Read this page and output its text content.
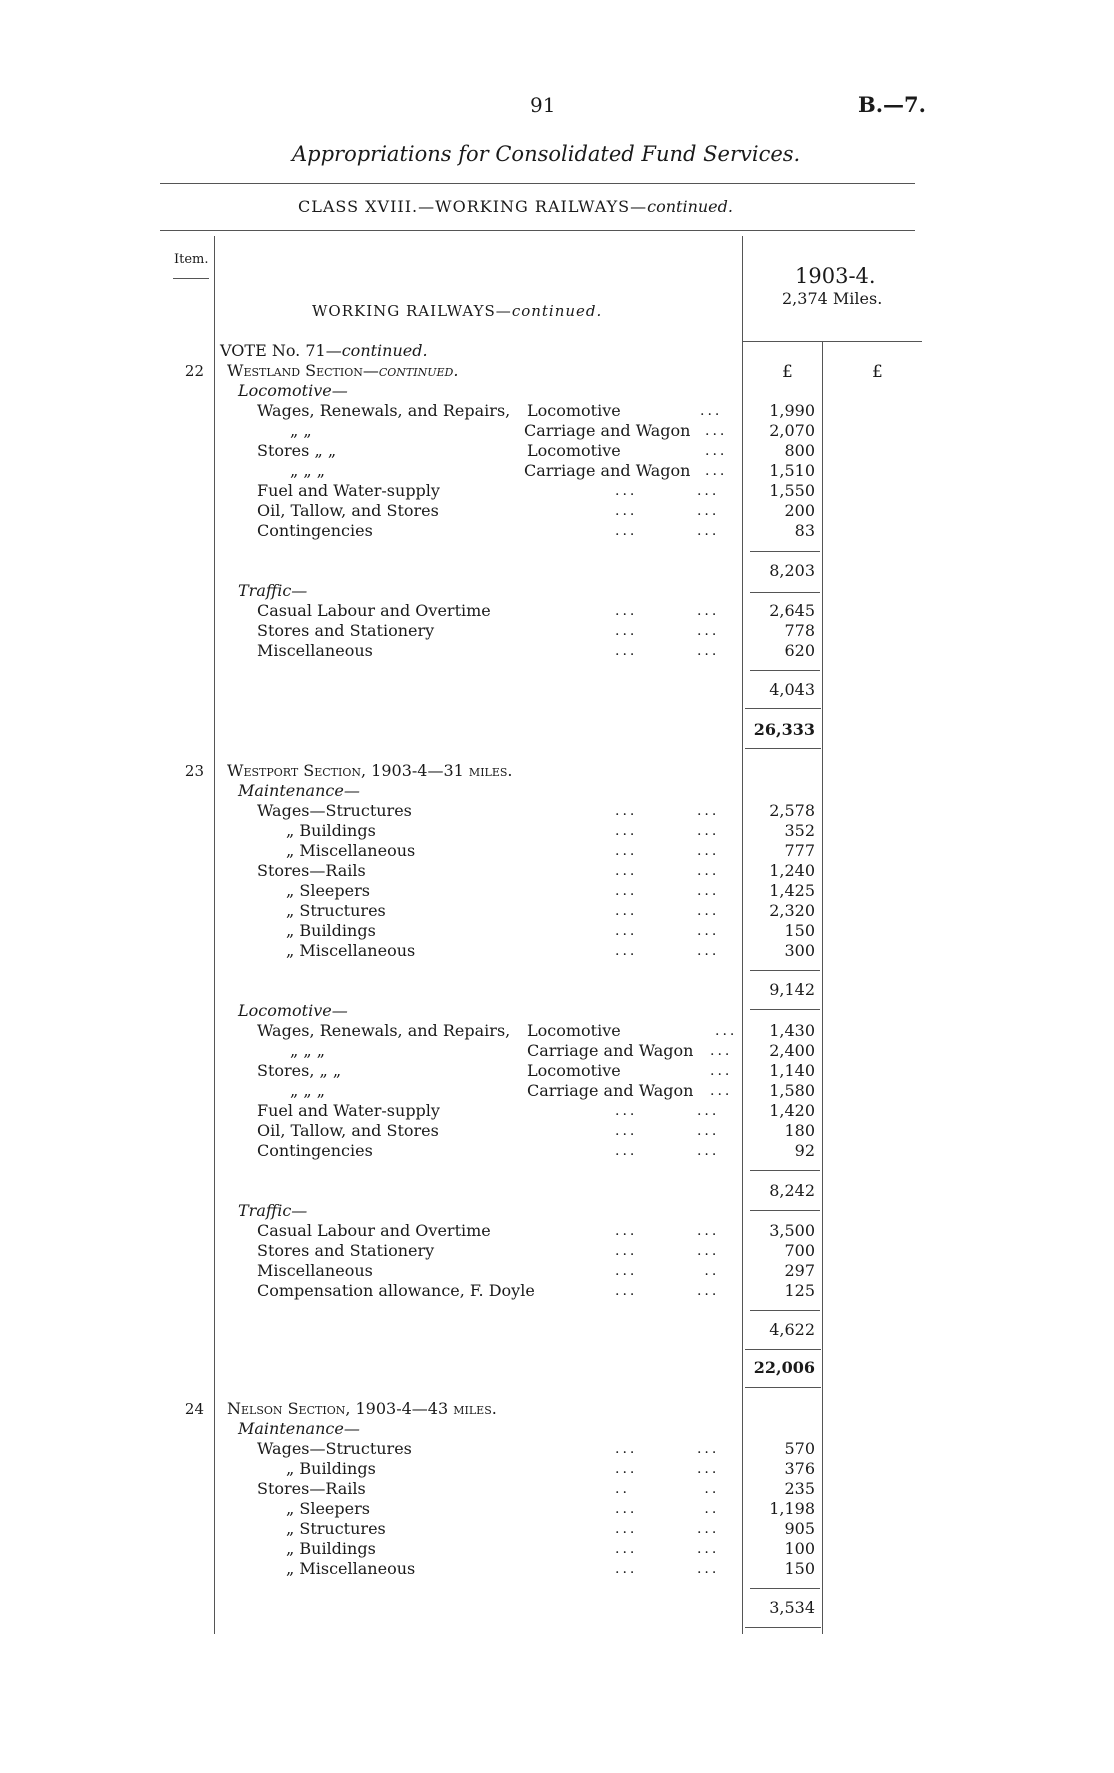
91	B.—7.
Appropriations for Consolidated Fund Services.
CLASS XVIII.—WORKING RAILWAYS—continued.
Item.
WORKING RAILWAYS—continued.
1903-4.
2,374 Miles.
£	£
VOTE No. 71—continued.
22 Westland Section—continued.
Locomotive—
Wages, Renewals, and Repairs, Locomotive	...	1,990
„ „	Carriage and Wagon ...	2,070
Stores „ „	Locomotive	...	800
„ „ „	Carriage and Wagon ...	1,510
Fuel and Water-supply	...        ...	1,550
Oil, Tallow, and Stores	...        ...	200
Contingencies	...        ...	83
8,203
Traffic—
Casual Labour and Overtime	...        ...	2,645
Stores and Stationery	...        ...	778
Miscellaneous	...        ...	620
4,043
26,333
23 Westport Section, 1903-4—31 miles.
Maintenance—
Wages—Structures	...        ...	2,578
„ Buildings	...        ...	352
„ Miscellaneous	...        ...	777
Stores—Rails	...        ...	1,240
„ Sleepers	...        ...	1,425
„ Structures	...        ...	2,320
„ Buildings	...        ...	150
„ Miscellaneous	...        ...	300
9,142
Locomotive—
Wages, Renewals, and Repairs, Locomotive	...	1,430
„ „ „	Carriage and Wagon ...	2,400
Stores, „ „	Locomotive	...	1,140
„ „ „	Carriage and Wagon ...	1,580
Fuel and Water-supply	...        ...	1,420
Oil, Tallow, and Stores	...        ...	180
Contingencies	...        ...	92
8,242
Traffic—
Casual Labour and Overtime	...        ...	3,500
Stores and Stationery	...        ...	700
Miscellaneous	...         ..	297
Compensation allowance, F. Doyle	...        ...	125
4,622
22,006
24 Nelson Section, 1903-4—43 miles.
Maintenance—
Wages—Structures	...        ...	570
„ Buildings	...        ...	376
Stores—Rails	..          ..	235
„ Sleepers	...         ..	1,198
„ Structures	...        ...	905
„ Buildings	...        ...	100
„ Miscellaneous	...        ...	150
3,534
